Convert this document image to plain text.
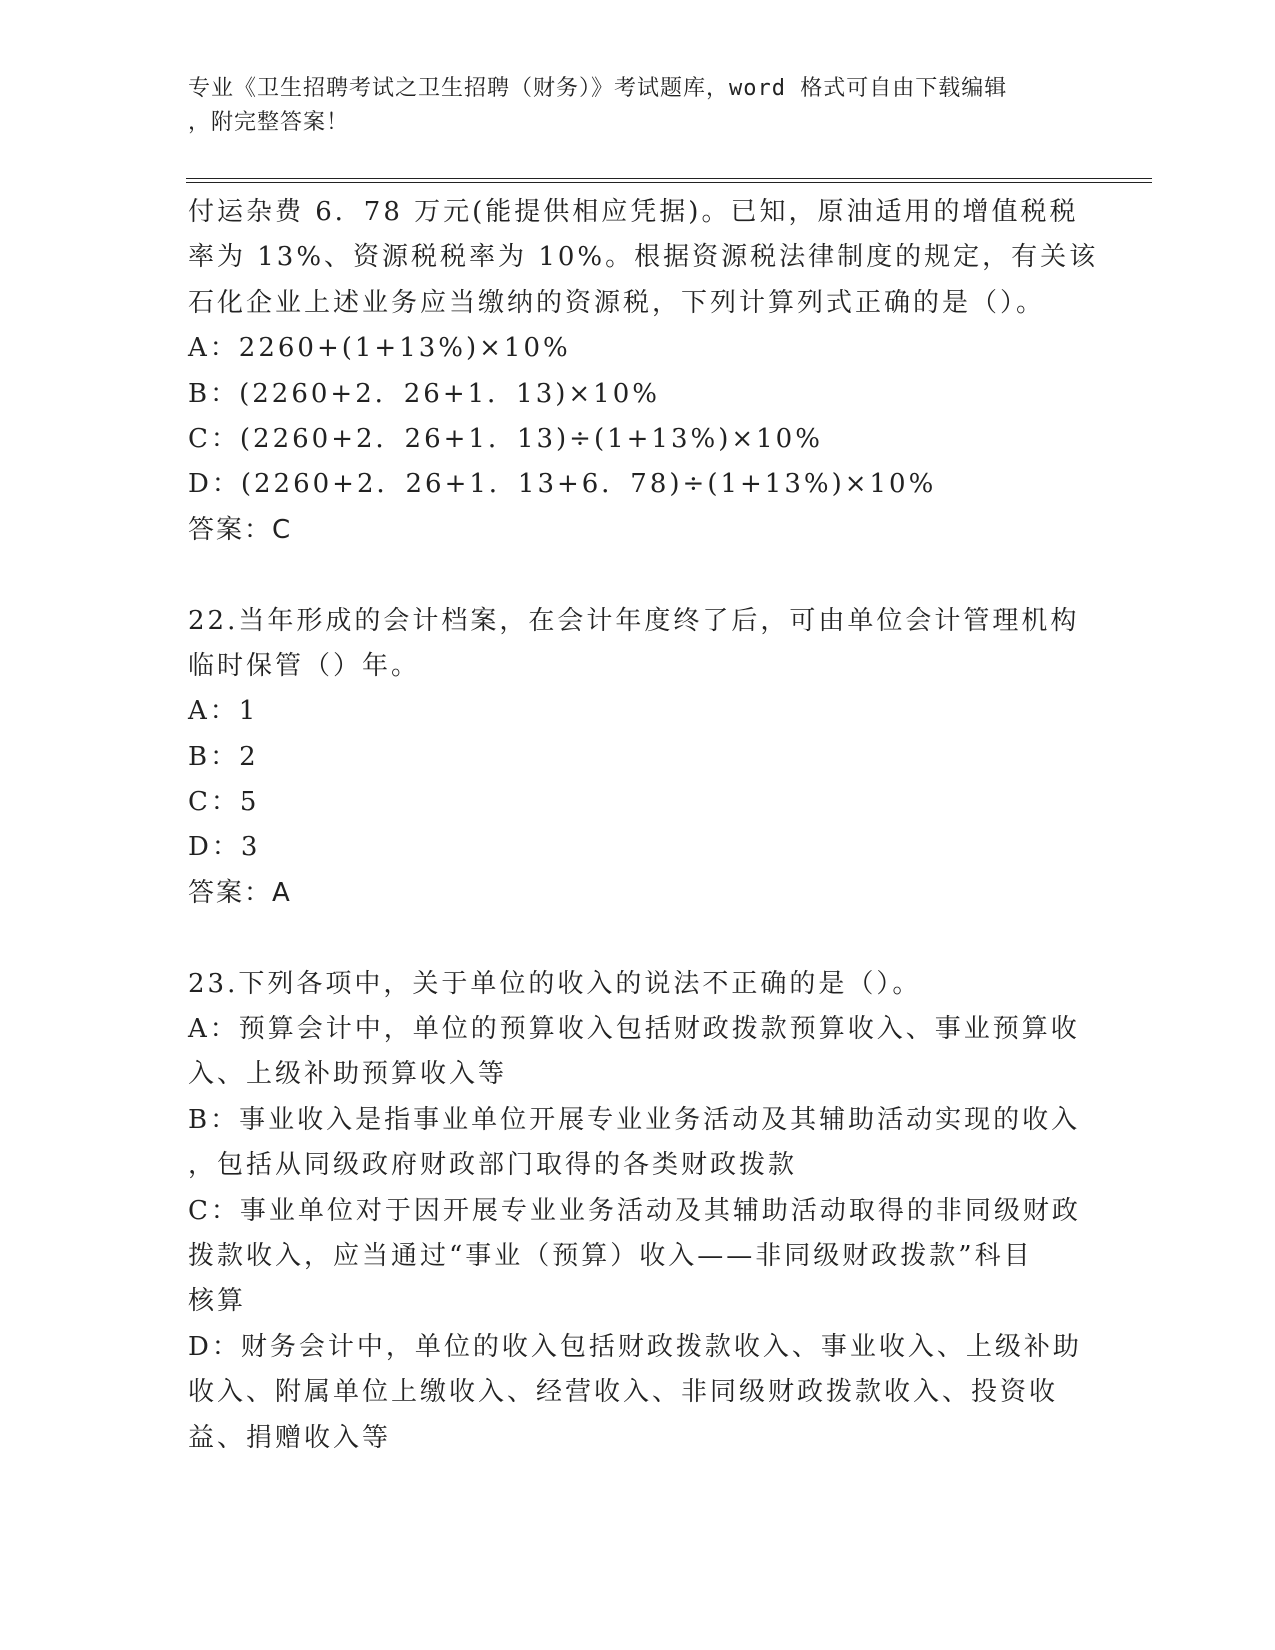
专业《卫生招聘考试之卫生招聘（财务）》考试题库，word 格式可自由下载编辑
，附完整答案！
付运杂费 6．78 万元(能提供相应凭据)。已知，原油适用的增值税税
率为 13%、资源税税率为 10%。根据资源税法律制度的规定，有关该
石化企业上述业务应当缴纳的资源税，下列计算列式正确的是（）。
A：2260+(1+13%)×10%
B：(2260+2．26+1．13)×10%
C：(2260+2．26+1．13)÷(1+13%)×10%
D：(2260+2．26+1．13+6．78)÷(1+13%)×10%
答案：C
22.当年形成的会计档案，在会计年度终了后，可由单位会计管理机构
临时保管（）年。
A：1
B：2
C：5
D：3
答案：A
23.下列各项中，关于单位的收入的说法不正确的是（）。
A：预算会计中，单位的预算收入包括财政拨款预算收入、事业预算收
入、上级补助预算收入等
B：事业收入是指事业单位开展专业业务活动及其辅助活动实现的收入
，包括从同级政府财政部门取得的各类财政拨款
C：事业单位对于因开展专业业务活动及其辅助活动取得的非同级财政
拨款收入，应当通过“事业（预算）收入——非同级财政拨款”科目
核算
D：财务会计中，单位的收入包括财政拨款收入、事业收入、上级补助
收入、附属单位上缴收入、经营收入、非同级财政拨款收入、投资收
益、捐赠收入等
